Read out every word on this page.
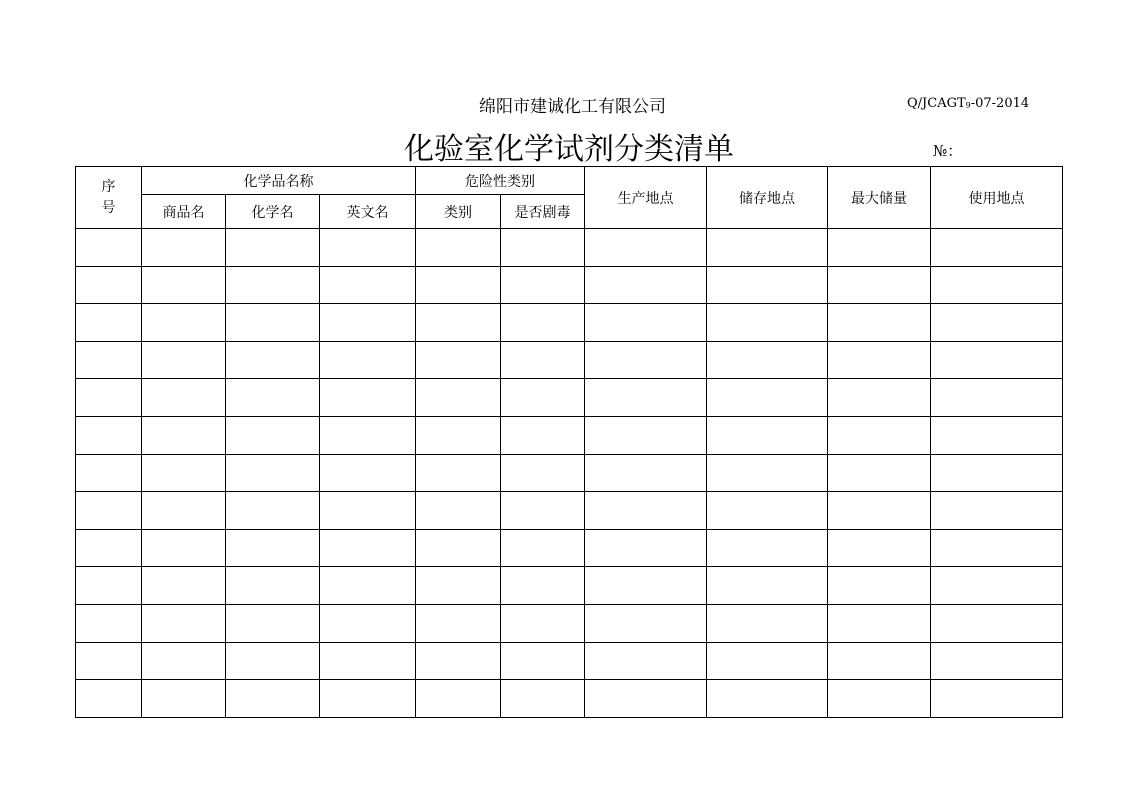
绵阳市建诚化工有限公司	$Q/JCAGT_9-07-2014$
化验室化学试剂分类清单	№：
序
号	化学品名称			危险性类别		生产地点	储存地点	最大储量	使用地点
	商品名	化学名	英文名	类别	是否剧毒				
